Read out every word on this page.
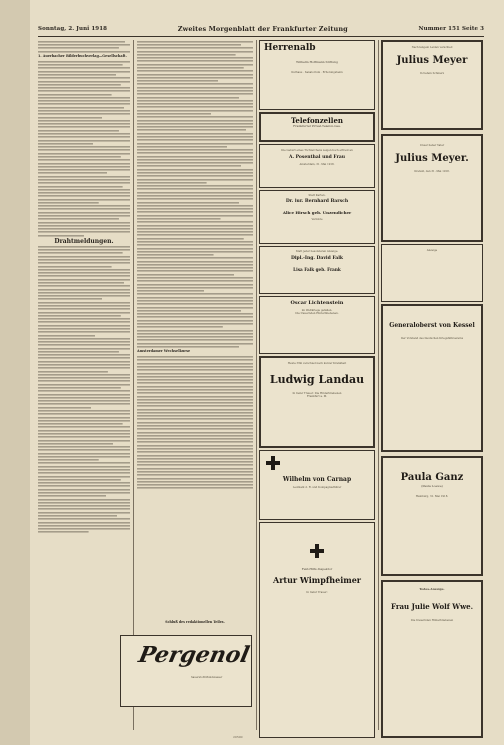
Sonntag, 2. Juni 1918	Zweites Morgenblatt der Frankfurter Zeitung	Nummer 151 Seite 3
1. Auerbacher Bilderbuchverlag—Gesellschaft.
Drahtmeldungen.
Amsterdamer Wechselkurse
Schluß des redaktionellen Teiles.
Pergenol
Sauerstoff-Mundwasser
Herrenalb
Wilhelm Hoffmann Stiftung
Kurhaus · Sanatorium · Erholungsheim
Telefonzellen
Frankfurter Privat-Telefon-Ges.
Die Geburt eines Töchterchens zeigen hoch erfreut an
A. Posenthal und Frau
Amsterdam, 31. Mai 1918.
Statt Karten.
Dr. iur. Bernhard Barsch
Alice Hirsch geb. Unzendicher
Verlobte
Statt jeder besonderen Anzeige.
Dipl.-Ing. David Falk
Lisa Falk geb. Frank
Oscar Lichtenstein
im Weltkriege gefallen.
Die trauernden Hinterbliebenen.
Heute früh verschied nach kurzer Krankheit
Ludwig Landau
In tiefer Trauer: Die Hinterbliebenen
Frankfurt a. M.
Wilhelm von Carnap
Leutnant d. R. und Kompagnieführer
Feld-Hilfs-Inspektor
Artur Wimpfheimer
In tiefer Trauer:
Nach langem Leiden verschied
Julius Meyer
In tiefem Schmerz
Unser lieber Vater
Julius Meyer.
Krefeld, den 31. Mai 1918.
Anzeige
Generaloberst von Kessel
Der Vorstand des Deutschen Kriegshilfsvereins
Paula Ganz
(Paula Loewe)
Hamburg, 31. Mai 1918.
Todes-Anzeige.
Frau Julie Wolf Wwe.
Die trauernden Hinterbliebenen
20500
